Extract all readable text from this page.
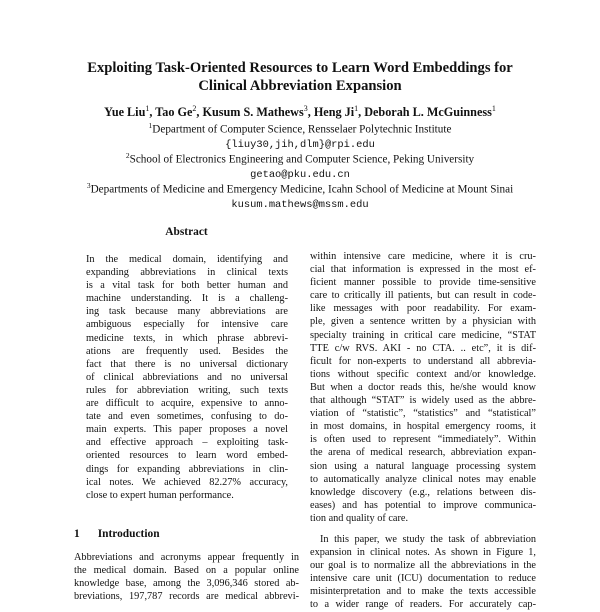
Exploiting Task-Oriented Resources to Learn Word Embeddings for
Clinical Abbreviation Expansion
Yue Liu$^1$, Tao Ge$^2$, Kusum S. Mathews$^3$, Heng Ji$^1$, Deborah L. McGuinness$^1$
$^1$Department of Computer Science, Rensselaer Polytechnic Institute
{liuy30,jih,dlm}@rpi.edu
$^2$School of Electronics Engineering and Computer Science, Peking University
getao@pku.edu.cn
$^3$Departments of Medicine and Emergency Medicine, Icahn School of Medicine at Mount Sinai
kusum.mathews@mssm.edu
Abstract
In the medical domain, identifying and
expanding abbreviations in clinical texts
is a vital task for both better human and
machine understanding. It is a challeng-
ing task because many abbreviations are
ambiguous especially for intensive care
medicine texts, in which phrase abbrevi-
ations are frequently used. Besides the
fact that there is no universal dictionary
of clinical abbreviations and no universal
rules for abbreviation writing, such texts
are difficult to acquire, expensive to anno-
tate and even sometimes, confusing to do-
main experts. This paper proposes a novel
and effective approach – exploiting task-
oriented resources to learn word embed-
dings for expanding abbreviations in clin-
ical notes. We achieved 82.27% accuracy,
close to expert human performance.
1 Introduction
Abbreviations and acronyms appear frequently in
the medical domain. Based on a popular online
knowledge base, among the 3,096,346 stored ab-
breviations, 197,787 records are medical abbrevi-
within intensive care medicine, where it is cru-
cial that information is expressed in the most ef-
ficient manner possible to provide time-sensitive
care to critically ill patients, but can result in code-
like messages with poor readability. For exam-
ple, given a sentence written by a physician with
specialty training in critical care medicine, “STAT
TTE c/w RVS. AKI - no CTA. .. etc”, it is dif-
ficult for non-experts to understand all abbrevia-
tions without specific context and/or knowledge.
But when a doctor reads this, he/she would know
that although “STAT” is widely used as the abbre-
viation of “statistic”, “statistics” and “statistical”
in most domains, in hospital emergency rooms, it
is often used to represent “immediately”. Within
the arena of medical research, abbreviation expan-
sion using a natural language processing system
to automatically analyze clinical notes may enable
knowledge discovery (e.g., relations between dis-
eases) and has potential to improve communica-
tion and quality of care.
In this paper, we study the task of abbreviation
expansion in clinical notes. As shown in Figure 1,
our goal is to normalize all the abbreviations in the
intensive care unit (ICU) documentation to reduce
misinterpretation and to make the texts accessible
to a wider range of readers. For accurately cap-
